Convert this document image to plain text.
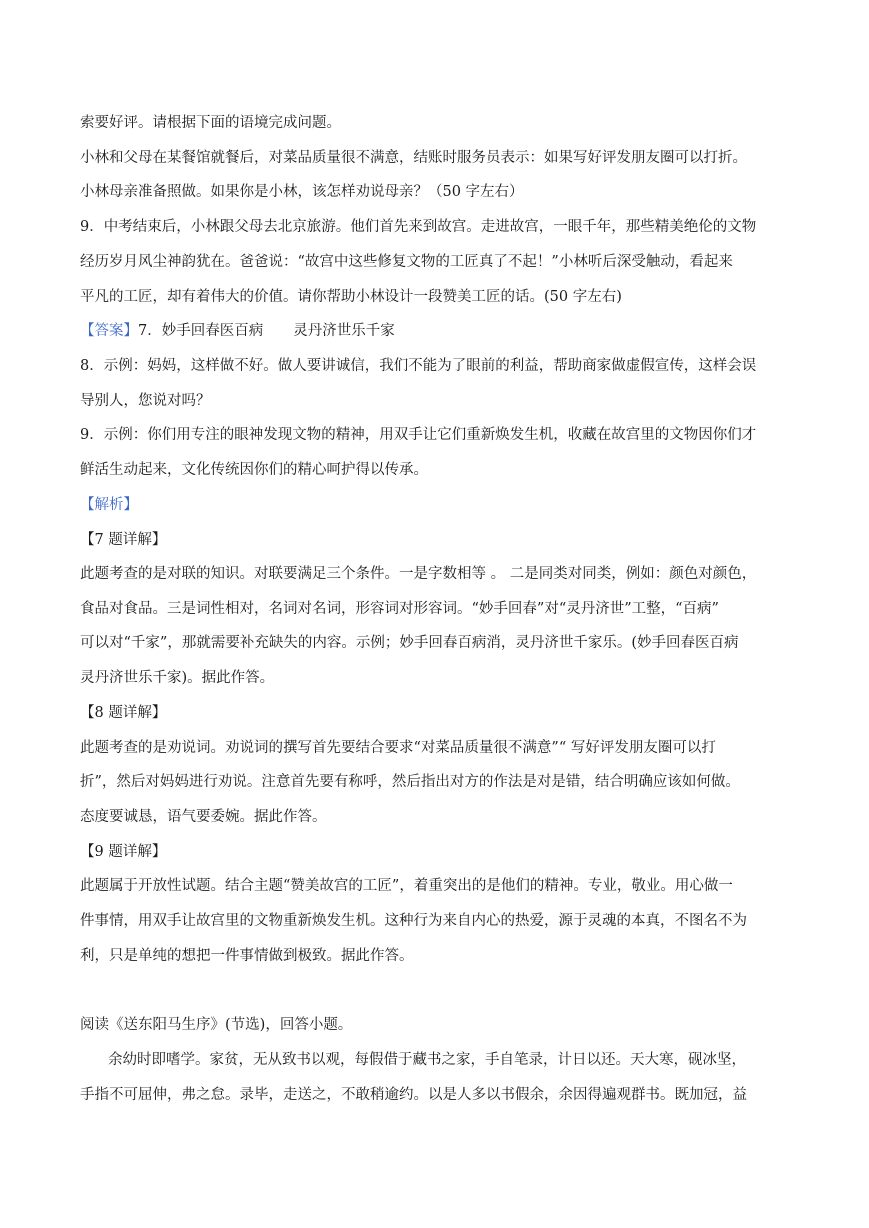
索要好评。请根据下面的语境完成问题。
小林和父母在某餐馆就餐后，对菜品质量很不满意，结账时服务员表示：如果写好评发朋友圈可以打折。
小林母亲准备照做。如果你是小林，该怎样劝说母亲？（50 字左右）
9．中考结束后，小林跟父母去北京旅游。他们首先来到故宫。走进故宫，一眼千年，那些精美绝伦的文物
经历岁月风尘神韵犹在。爸爸说：“故宫中这些修复文物的工匠真了不起！”小林听后深受触动，看起来
平凡的工匠，却有着伟大的价值。请你帮助小林设计一段赞美工匠的话。(50 字左右)
【答案】7．妙手回春医百病 灵丹济世乐千家
8．示例：妈妈，这样做不好。做人要讲诚信，我们不能为了眼前的利益，帮助商家做虚假宣传，这样会误
导别人，您说对吗？
9．示例：你们用专注的眼神发现文物的精神，用双手让它们重新焕发生机，收藏在故宫里的文物因你们才
鲜活生动起来，文化传统因你们的精心呵护得以传承。
【解析】
【7 题详解】
此题考查的是对联的知识。对联要满足三个条件。一是字数相等 。 二是同类对同类，例如：颜色对颜色，
食品对食品。三是词性相对，名词对名词，形容词对形容词。“妙手回春”对“灵丹济世”工整，“百病”
可以对“千家”，那就需要补充缺失的内容。示例；妙手回春百病消，灵丹济世千家乐。(妙手回春医百病
灵丹济世乐千家)。据此作答。
【8 题详解】
此题考查的是劝说词。劝说词的撰写首先要结合要求“对菜品质量很不满意”“ 写好评发朋友圈可以打
折”，然后对妈妈进行劝说。注意首先要有称呼，然后指出对方的作法是对是错，结合明确应该如何做。
态度要诚恳，语气要委婉。据此作答。
【9 题详解】
此题属于开放性试题。结合主题“赞美故宫的工匠”，着重突出的是他们的精神。专业，敬业。用心做一
件事情，用双手让故宫里的文物重新焕发生机。这种行为来自内心的热爱，源于灵魂的本真，不图名不为
利，只是单纯的想把一件事情做到极致。据此作答。
阅读《送东阳马生序》(节选)，回答小题。
余幼时即嗜学。家贫，无从致书以观，每假借于藏书之家，手自笔录，计日以还。天大寒，砚冰坚，
手指不可屈伸，弗之怠。录毕，走送之，不敢稍逾约。以是人多以书假余，余因得遍观群书。既加冠，益
